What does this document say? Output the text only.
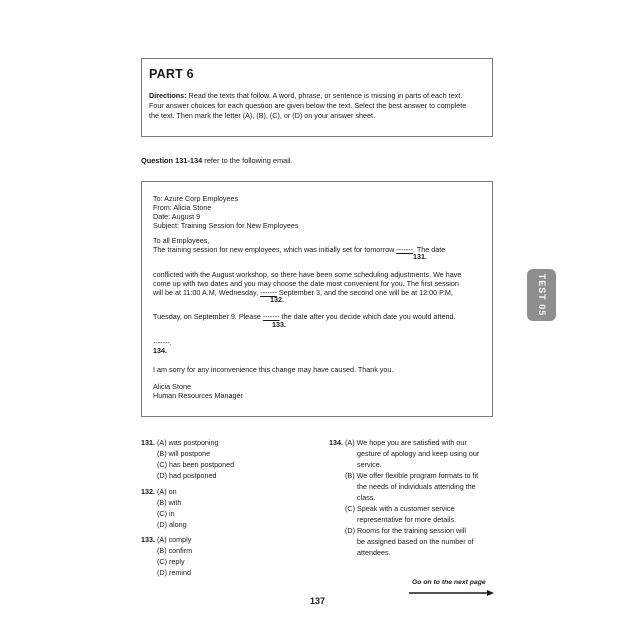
PART 6

Directions: Read the texts that follow. A word, phrase, or sentence is missing in parts of each text.
Four answer choices for each question are given below the text. Select the best answer to complete
the text. Then mark the letter (A), (B), (C), or (D) on your answer sheet.

Question 131-134 refer to the following email.
To: Azure Corp Employees
From: Alicia Stone
Date: August 9
Subject: Training Session for New Employees
To all Employees,
The training session for new employees, which was initially set for tomorrow -------. The date
131.
conflicted with the August workshop, so there have been some scheduling adjustments. We have
come up with two dates and you may choose the date most convenient for you. The first session
will be at 11:00 A.M, Wednesday, ------- September 3, and the second one will be at 12:00 P.M,
132.
Tuesday, on September 9. Please ------- the date after you decide which date you would attend.
133.
-------.
134.
I am sorry for any inconvenience this change may have caused. Thank you.
Alicia Stone
Human Resources Manager
TEST 05
131. (A) was postponing
(B) will postpone
(C) has been postponed
(D) had postponed
132. (A) on
(B) with
(C) in
(D) along
133. (A) comply
(B) confirm
(C) reply
(D) remind
134. (A) We hope you are satisfied with our
gesture of apology and keep using our
service.
(B) We offer flexible program formats to fit
the needs of individuals attending the
class.
(C) Speak with a customer service
representative for more details.
(D) Rooms for the training session will
be assigned based on the number of
attendees.
Go on to the next page
137
